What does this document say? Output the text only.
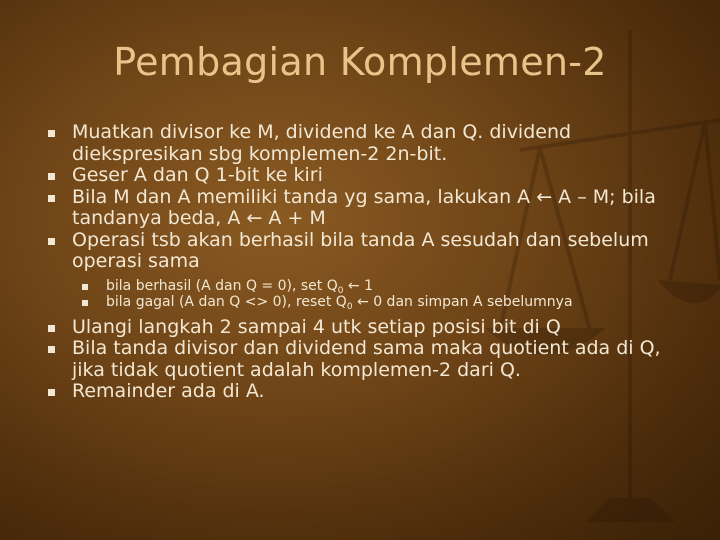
Pembagian Komplemen-2
Muatkan divisor ke M, dividend ke A dan Q. dividend diekspresikan sbg komplemen-2 2n-bit.
Geser A dan Q 1-bit ke kiri
Bila M dan A memiliki tanda yg sama, lakukan A ← A – M; bila tandanya beda, A ← A + M
Operasi tsb akan berhasil bila tanda A sesudah dan sebelum operasi sama
bila berhasil (A dan Q = 0), set $Q_0$ ← 1
bila gagal (A dan Q <> 0), reset $Q_0$ ← 0 dan simpan A sebelumnya
Ulangi langkah 2 sampai 4 utk setiap posisi bit di Q
Bila tanda divisor dan dividend sama maka quotient ada di Q, jika tidak quotient adalah komplemen-2 dari Q.
Remainder ada di A.
